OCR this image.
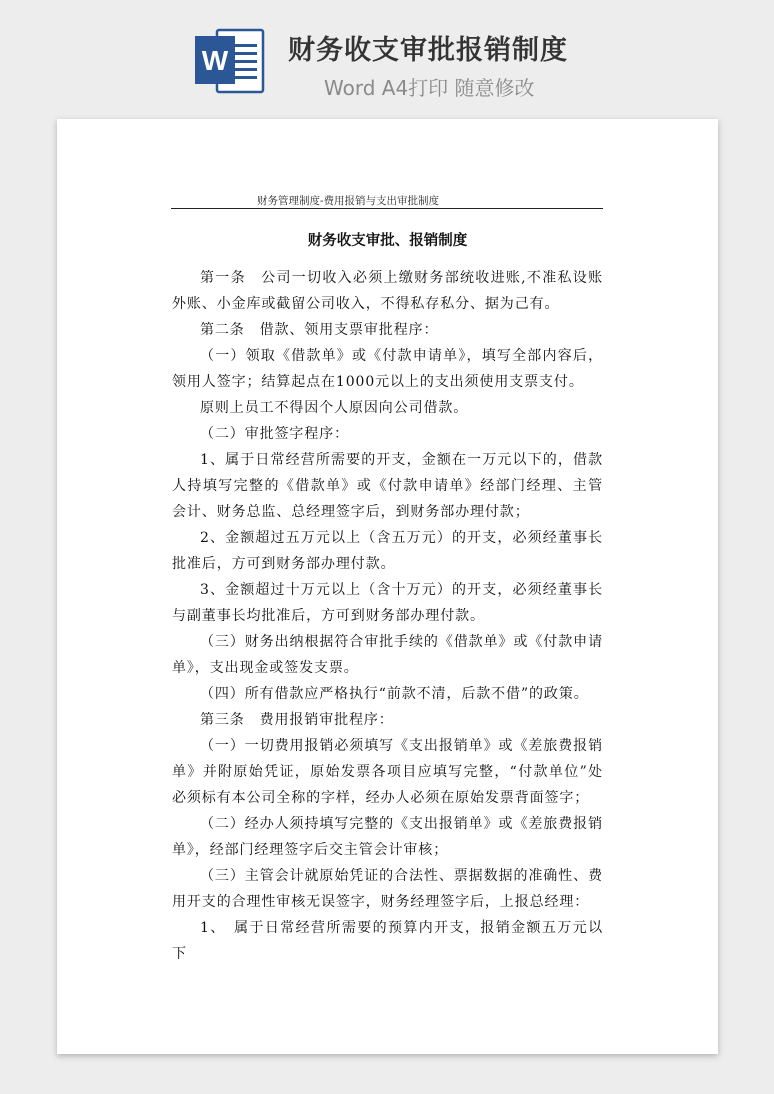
W 财务收支审批报销制度
Word A4打印 随意修改
财务管理制度-费用报销与支出审批制度
财务收支审批、报销制度

第一条　公司一切收入必须上缴财务部统收进账,不准私设账外账、小金库或截留公司收入，不得私存私分、据为己有。

第二条　借款、领用支票审批程序：

（一）领取《借款单》或《付款申请单》，填写全部内容后，领用人签字；结算起点在1000元以上的支出须使用支票支付。

原则上员工不得因个人原因向公司借款。

（二）审批签字程序：

1、属于日常经营所需要的开支，金额在一万元以下的，借款人持填写完整的《借款单》或《付款申请单》经部门经理、主管会计、财务总监、总经理签字后，到财务部办理付款；

2、金额超过五万元以上（含五万元）的开支，必须经董事长批准后，方可到财务部办理付款。

3、金额超过十万元以上（含十万元）的开支，必须经董事长与副董事长均批准后，方可到财务部办理付款。

（三）财务出纳根据符合审批手续的《借款单》或《付款申请单》，支出现金或签发支票。

（四）所有借款应严格执行“前款不清，后款不借”的政策。

第三条　费用报销审批程序：

（一）一切费用报销必须填写《支出报销单》或《差旅费报销单》并附原始凭证，原始发票各项目应填写完整，“付款单位”处必须标有本公司全称的字样，经办人必须在原始发票背面签字；

（二）经办人须持填写完整的《支出报销单》或《差旅费报销单》，经部门经理签字后交主管会计审核；

（三）主管会计就原始凭证的合法性、票据数据的准确性、费用开支的合理性审核无误签字，财务经理签字后，上报总经理：

1、　属于日常经营所需要的预算内开支，报销金额五万元以下
